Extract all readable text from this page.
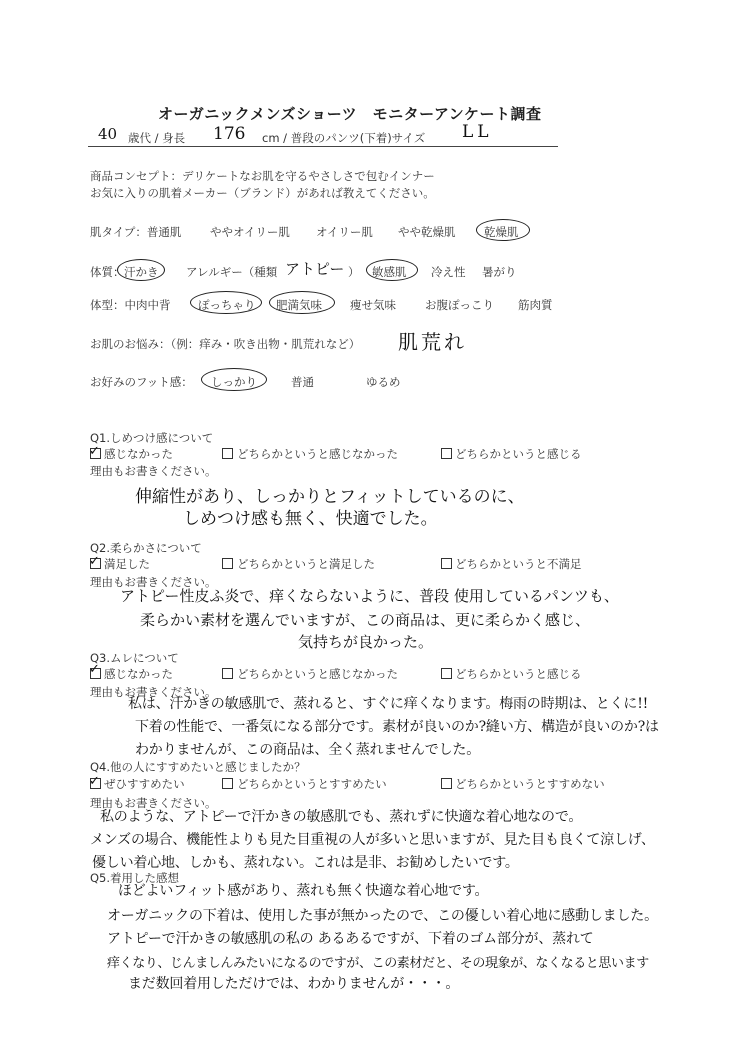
オーガニックメンズショーツ　モニターアンケート調査
40 歳代 / 身長 176 cm / 普段のパンツ(下着)サイズ LL
商品コンセプト：デリケートなお肌を守るやさしさで包むインナー
お気に入りの肌着メーカー（ブランド）があれば教えてください。
肌タイプ：普通肌 ややオイリー肌 オイリー肌 やや乾燥肌 乾燥肌
体質： 汗かき アレルギー（種類 アトピー ） 敏感肌 冷え性 暑がり
体型：中肉中背 ぽっちゃり 肥満気味 痩せ気味	お腹ぽっこり 筋肉質
お肌のお悩み：（例：痒み・吹き出物・肌荒れなど） 肌荒れ
お好みのフット感： しっかり	普通	ゆるめ
Q1.しめつけ感について
✓ 感じなかった	どちらかというと感じなかった	どちらかというと感じる
理由もお書きください。
伸縮性があり、しっかりとフィットしているのに、
しめつけ感も無く、快適でした。
Q2.柔らかさについて
✓ 満足した	どちらかというと満足した	どちらかというと不満足
理由もお書きください。
アトピー性皮ふ炎で、痒くならないように、普段 使用しているパンツも、
柔らかい素材を選んでいますが、この商品は、更に柔らかく感じ、
気持ちが良かった。
Q3.ムレについて
✓ 感じなかった	どちらかというと感じなかった	どちらかというと感じる
理由もお書きください。
私は、汗かきの敏感肌で、蒸れると、すぐに痒くなります。梅雨の時期は、とくに!!
下着の性能で、一番気になる部分です。素材が良いのか?縫い方、構造が良いのか?は
わかりませんが、この商品は、全く蒸れませんでした。
Q4.他の人にすすめたいと感じましたか？
✓ ぜひすすめたい	どちらかというとすすめたい	どちらかというとすすめない
理由もお書きください。
私のような、アトピーで汗かきの敏感肌でも、蒸れずに快適な着心地なので。
メンズの場合、機能性よりも見た目重視の人が多いと思いますが、見た目も良くて涼しげ、
優しい着心地、しかも、蒸れない。これは是非、お勧めしたいです。
Q5.着用した感想
ほどよいフィット感があり、蒸れも無く快適な着心地です。
オーガニックの下着は、使用した事が無かったので、この優しい着心地に感動しました。
アトピーで汗かきの敏感肌の私の あるあるですが、下着のゴム部分が、蒸れて
痒くなり、じんましんみたいになるのですが、この素材だと、その現象が、なくなると思います
まだ数回着用しただけでは、わかりませんが・・・。
